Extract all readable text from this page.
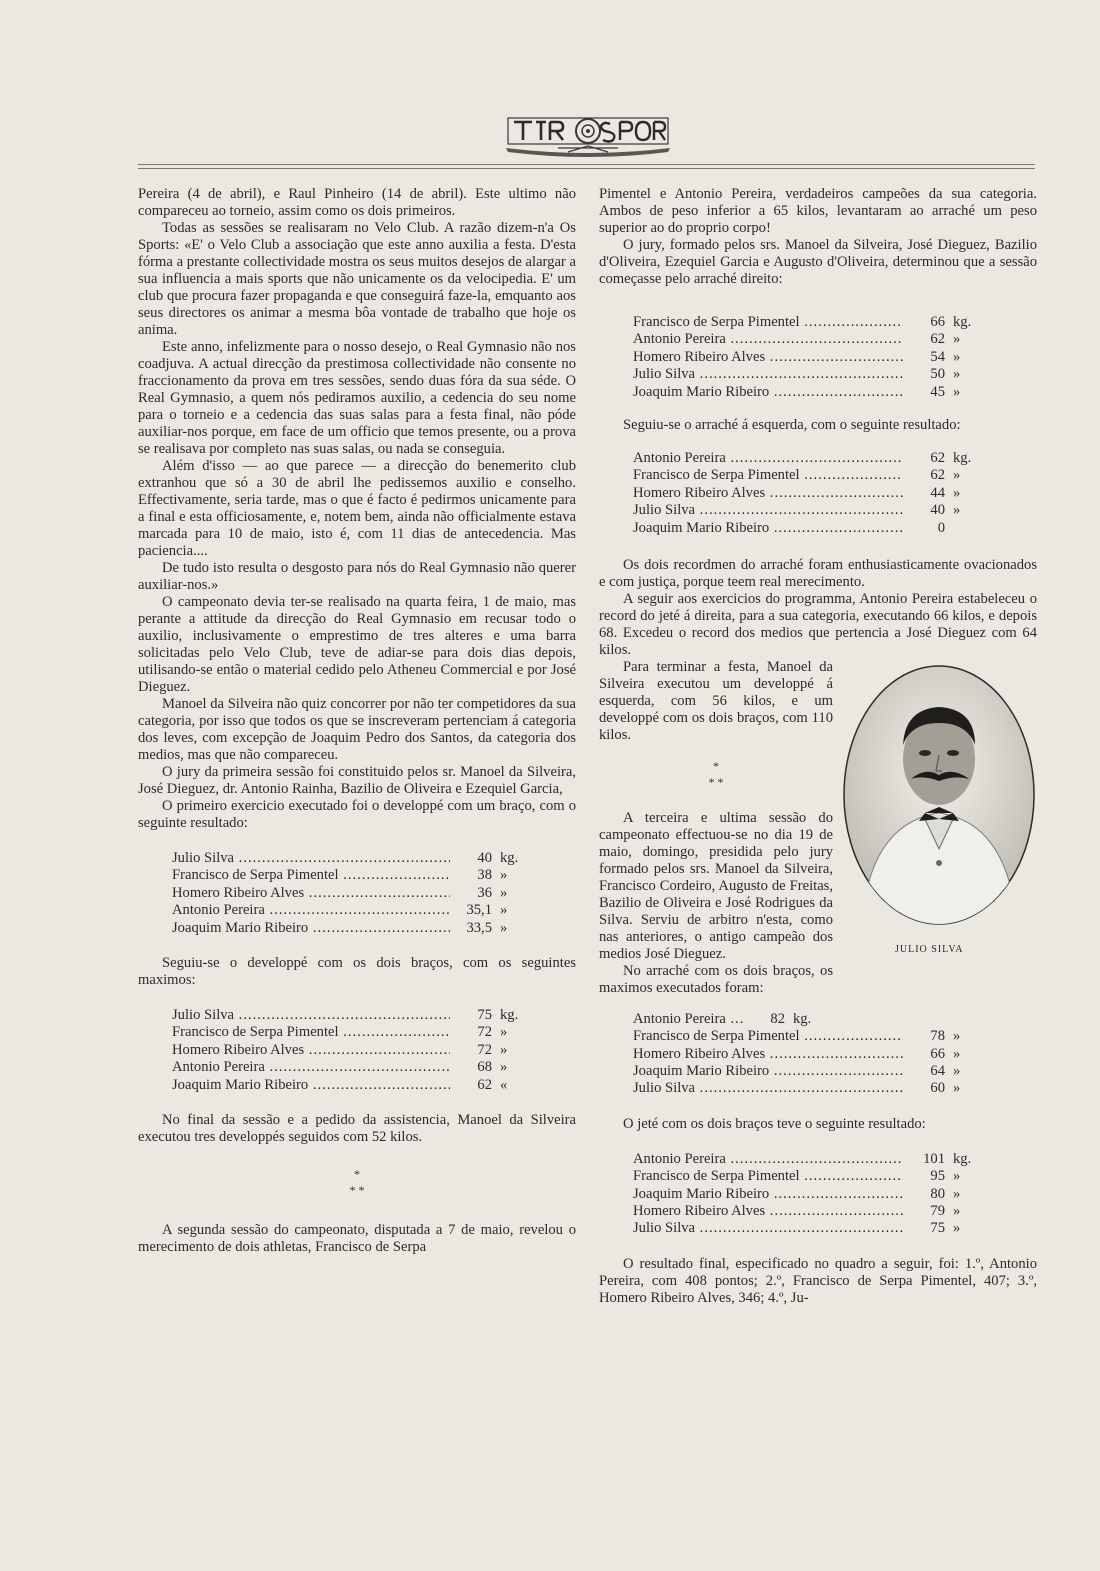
Pereira (4 de abril), e Raul Pinheiro (14 de abril). Este ultimo não compareceu ao torneio, assim como os dois primeiros.

Todas as sessões se realisaram no Velo Club. A razão dizem-n'a Os Sports: «E' o Velo Club a associação que este anno auxilia a festa. D'esta fórma a prestante collectividade mostra os seus muitos desejos de alargar a sua influencia a mais sports que não unicamente os da velocipedia. E' um club que procura fazer propaganda e que conseguirá faze-la, emquanto aos seus directores os animar a mesma bôa vontade de trabalho que hoje os anima.

Este anno, infelizmente para o nosso desejo, o Real Gymnasio não nos coadjuva. A actual direcção da prestimosa collectividade não consente no fraccionamento da prova em tres sessões, sendo duas fóra da sua séde. O Real Gymnasio, a quem nós pediramos auxilio, a cedencia do seu nome para o torneio e a cedencia das suas salas para a festa final, não póde auxiliar-nos porque, em face de um officio que temos presente, ou a prova se realisava por completo nas suas salas, ou nada se conseguia.

Além d'isso — ao que parece — a direcção do benemerito club extranhou que só a 30 de abril lhe pedissemos auxilio e conselho. Effectivamente, seria tarde, mas o que é facto é pedirmos unicamente para a final e esta officiosamente, e, notem bem, ainda não officialmente estava marcada para 10 de maio, isto é, com 11 dias de antecedencia. Mas paciencia....

De tudo isto resulta o desgosto para nós do Real Gymnasio não querer auxiliar-nos.»

O campeonato devia ter-se realisado na quarta feira, 1 de maio, mas perante a attitude da direcção do Real Gymnasio em recusar todo o auxilio, inclusivamente o emprestimo de tres alteres e uma barra solicitadas pelo Velo Club, teve de adiar-se para dois dias depois, utilisando-se então o material cedido pelo Atheneu Commercial e por José Dieguez.

Manoel da Silveira não quiz concorrer por não ter competidores da sua categoria, por isso que todos os que se inscreveram pertenciam á categoria dos leves, com excepção de Joaquim Pedro dos Santos, da categoria dos medios, mas que não compareceu.

O jury da primeira sessão foi constituido pelos sr. Manoel da Silveira, José Dieguez, dr. Antonio Rainha, Bazilio de Oliveira e Ezequiel Garcia,

O primeiro exercicio executado foi o developpé com um braço, com o seguinte resultado:

Julio Silva .....	40 kg.
Francisco de Serpa Pimentel .....	38 »
Homero Ribeiro Alves .....	36 »
Antonio Pereira .....	35,1 »
Joaquim Mario Ribeiro .....	33,5 »

Seguiu-se o developpé com os dois braços, com os seguintes maximos:

Julio Silva .....	75 kg.
Francisco de Serpa Pimentel .....	72 »
Homero Ribeiro Alves .....	72 »
Antonio Pereira .....	68 »
Joaquim Mario Ribeiro .....	62 «

No final da sessão e a pedido da assistencia, Manoel da Silveira executou tres developpés seguidos com 52 kilos.

*
* *

A segunda sessão do campeonato, disputada a 7 de maio, revelou o merecimento de dois athletas, Francisco de Serpa

Pimentel e Antonio Pereira, verdadeiros campeões da sua categoria. Ambos de peso inferior a 65 kilos, levantaram ao arraché um peso superior ao do proprio corpo!

O jury, formado pelos srs. Manoel da Silveira, José Dieguez, Bazilio d'Oliveira, Ezequiel Garcia e Augusto d'Oliveira, determinou que a sessão começasse pelo arraché direito:

Francisco de Serpa Pimentel .....	66 kg.
Antonio Pereira .....	62 »
Homero Ribeiro Alves .....	54 »
Julio Silva .....	50 »
Joaquim Mario Ribeiro .....	45 »

Seguiu-se o arraché á esquerda, com o seguinte resultado:

Antonio Pereira .....	62 kg.
Francisco de Serpa Pimentel .....	62 »
Homero Ribeiro Alves .....	44 »
Julio Silva .....	40 »
Joaquim Mario Ribeiro .....	0

Os dois recordmen do arraché foram enthusiasticamente ovacionados e com justiça, porque teem real merecimento.

A seguir aos exercicios do programma, Antonio Pereira estabeleceu o record do jeté á direita, para a sua categoria, executando 66 kilos, e depois 68. Excedeu o record dos medios que pertencia a José Dieguez com 64 kilos.

JULIO SILVA

Para terminar a festa, Manoel da Silveira executou um developpé á esquerda, com 56 kilos, e um developpé com os dois braços, com 110 kilos.

*
* *

A terceira e ultima sessão do campeonato effectuou-se no dia 19 de maio, domingo, presidida pelo jury formado pelos srs. Manoel da Silveira, Francisco Cordeiro, Augusto de Freitas, Bazilio de Oliveira e José Rodrigues da Silva. Serviu de arbitro n'esta, como nas anteriores, o antigo campeão dos medios José Dieguez.

No arraché com os dois braços, os maximos executados foram:

Antonio Pereira .....	82 kg.
Francisco de Serpa Pimentel .....	78 »
Homero Ribeiro Alves .....	66 »
Joaquim Mario Ribeiro .....	64 »
Julio Silva .....	60 »

O jeté com os dois braços teve o seguinte resultado:

Antonio Pereira .....	101 kg.
Francisco de Serpa Pimentel .....	95 »
Joaquim Mario Ribeiro .....	80 »
Homero Ribeiro Alves .....	79 »
Julio Silva .....	75 »

O resultado final, especificado no quadro a seguir, foi: 1.º, Antonio Pereira, com 408 pontos; 2.º, Francisco de Serpa Pimentel, 407; 3.º, Homero Ribeiro Alves, 346; 4.º, Ju-
